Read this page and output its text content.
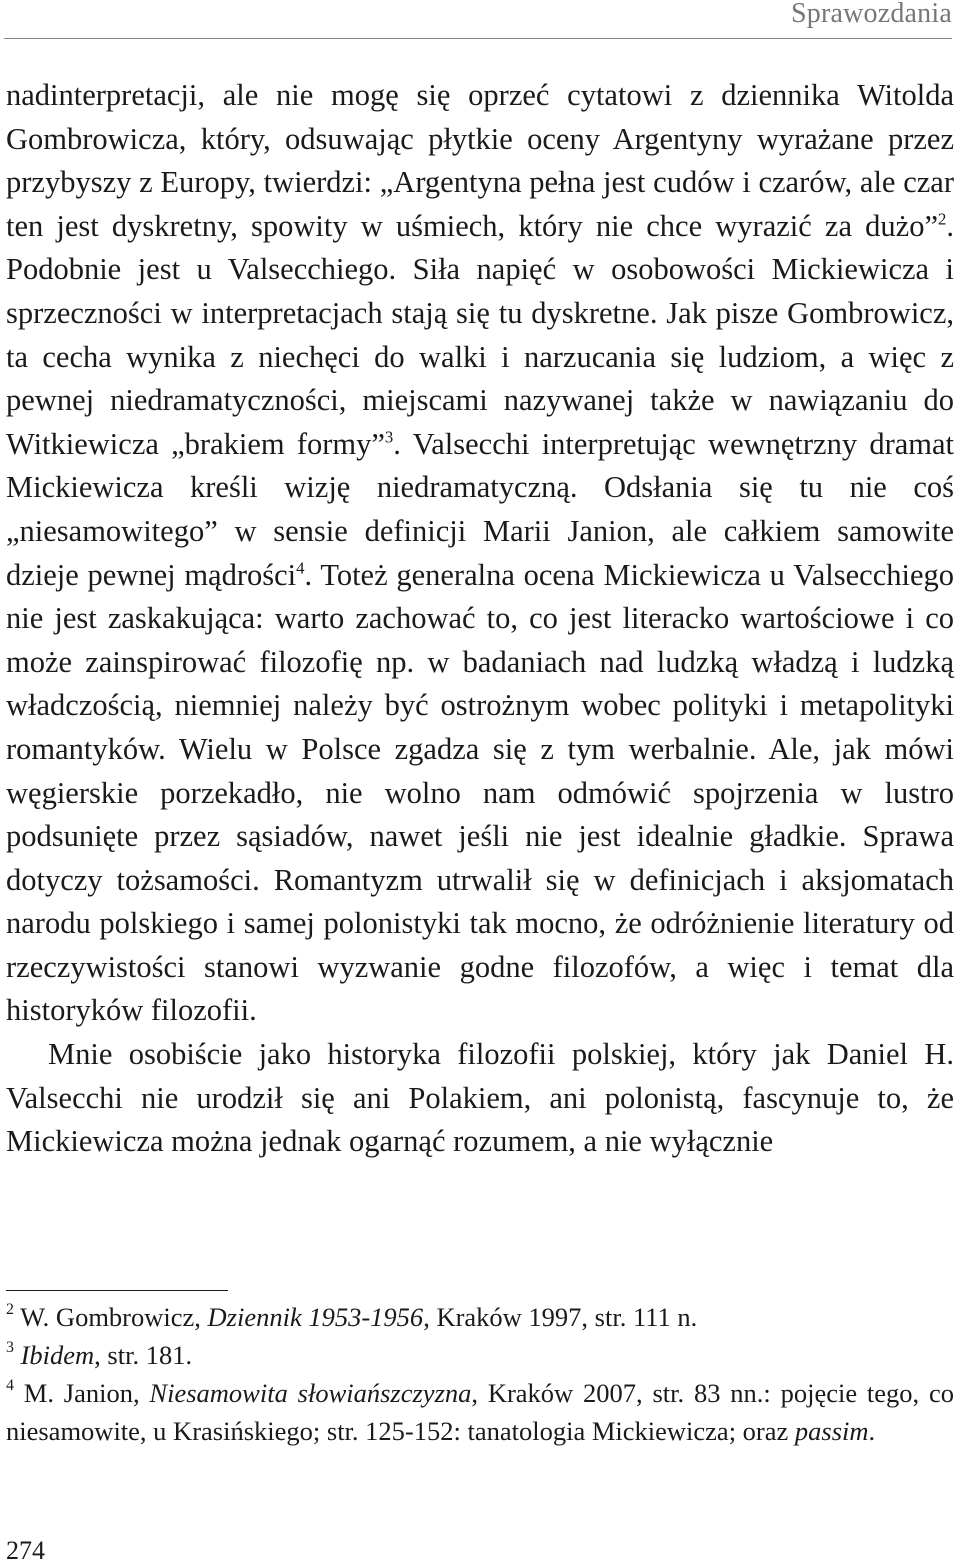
Sprawozdania

nadinterpretacji, ale nie mogę się oprzeć cytatowi z dziennika Witolda Gombrowicza, który, odsuwając płytkie oceny Argentyny wyrażane przez przybyszy z Europy, twierdzi: „Argentyna pełna jest cudów i czarów, ale czar ten jest dyskretny, spowity w uśmiech, który nie chce wyrazić za dużo”$^2$. Podobnie jest u Valsecchiego. Siła napięć w osobowości Mickiewicza i sprzeczności w interpretacjach stają się tu dyskretne. Jak pisze Gombrowicz, ta cecha wynika z niechęci do walki i narzucania się ludziom, a więc z pewnej niedramatyczności, miejscami nazywanej także w nawiązaniu do Witkiewicza „brakiem formy”$^3$. Valsecchi interpretując wewnętrzny dramat Mickiewicza kreśli wizję niedramatyczną. Odsłania się tu nie coś „niesamowitego” w sensie definicji Marii Janion, ale całkiem samowite dzieje pewnej mądrości$^4$. Toteż generalna ocena Mickiewicza u Valsecchiego nie jest zaskakująca: warto zachować to, co jest literacko wartościowe i co może zainspirować filozofię np. w badaniach nad ludzką władzą i ludzką władczością, niemniej należy być ostrożnym wobec polityki i metapolityki romantyków. Wielu w Polsce zgadza się z tym werbalnie. Ale, jak mówi węgierskie porzekadło, nie wolno nam odmówić spojrzenia w lustro podsunięte przez sąsiadów, nawet jeśli nie jest idealnie gładkie. Sprawa dotyczy tożsamości. Romantyzm utrwalił się w definicjach i aksjomatach narodu polskiego i samej polonistyki tak mocno, że odróżnienie literatury od rzeczywistości stanowi wyzwanie godne filozofów, a więc i temat dla historyków filozofii.

Mnie osobiście jako historyka filozofii polskiej, który jak Daniel H. Valsecchi nie urodził się ani Polakiem, ani polonistą, fascynuje to, że Mickiewicza można jednak ogarnąć rozumem, a nie wyłącznie

$^2$ W. Gombrowicz, Dziennik 1953-1956, Kraków 1997, str. 111 n.

$^3$ Ibidem, str. 181.

$^4$ M. Janion, Niesamowita słowiańszczyzna, Kraków 2007, str. 83 nn.: pojęcie tego, co niesamowite, u Krasińskiego; str. 125-152: tanatologia Mickiewicza; oraz passim.

274
